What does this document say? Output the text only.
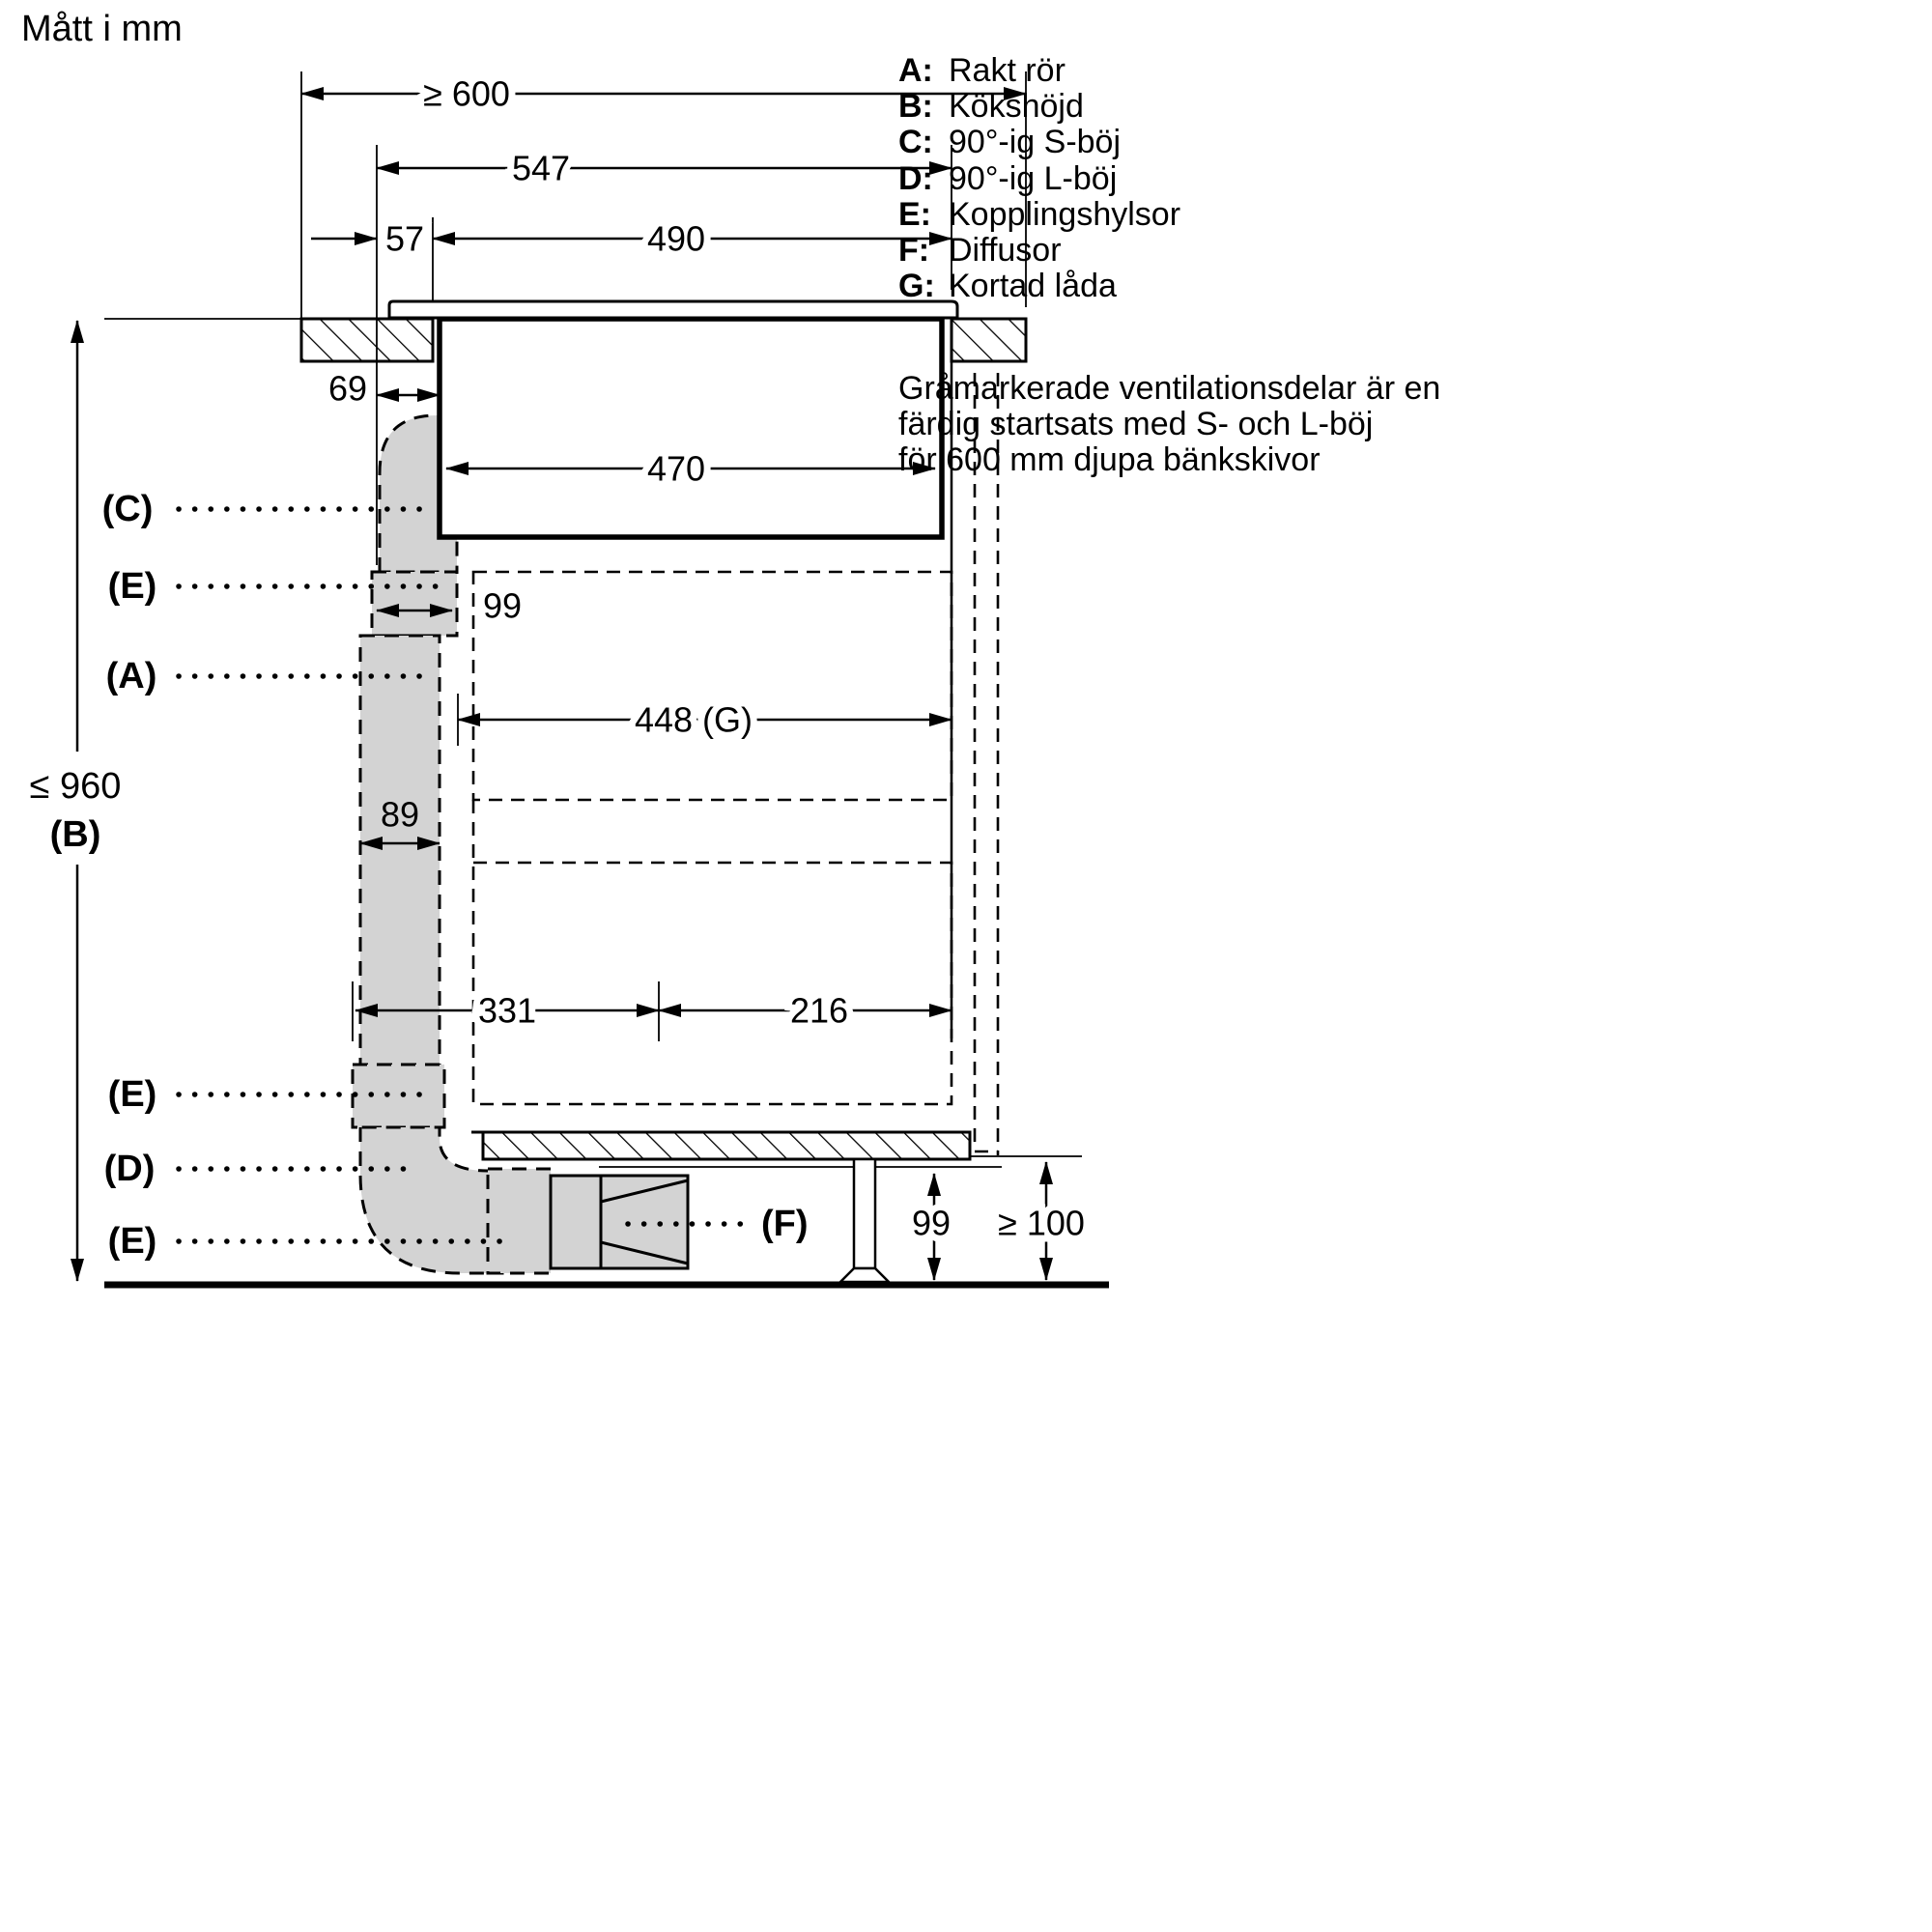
≥ 600
547
57	490
69
470
99
448 (G)
89
331	216
≤ 960
(B)
99 ≥ 100
(C)
(E)
(A)
(E)
(D)
(E)	(F)
Mått i mm
A: Rakt rör
B: Kökshöjd
C: 90°-ig S-böj
D: 90°-ig L-böj
E: Kopplingshylsor
F: Diffusor
G: Kortad låda
Gråmarkerade ventilationsdelar är en
färdig startsats med S- och L-böj
för 600 mm djupa bänkskivor
